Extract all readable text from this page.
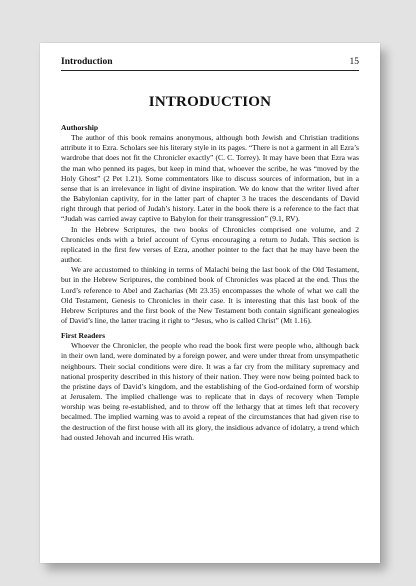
Introduction	15
INTRODUCTION

Authorship

The author of this book remains anonymous, although both Jewish and Christian traditions attribute it to Ezra. Scholars see his literary style in its pages. “There is not a garment in all Ezra’s wardrobe that does not fit the Chronicler exactly” (C. C. Torrey). It may have been that Ezra was the man who penned its pages, but keep in mind that, whoever the scribe, he was “moved by the Holy Ghost” (2 Pet 1.21). Some commentators like to discuss sources of information, but in a sense that is an irrelevance in light of divine inspiration. We do know that the writer lived after the Babylonian captivity, for in the latter part of chapter 3 he traces the descendants of David right through that period of Judah’s history. Later in the book there is a reference to the fact that “Judah was carried away captive to Babylon for their transgression” (9.1, RV).

In the Hebrew Scriptures, the two books of Chronicles comprised one volume, and 2 Chronicles ends with a brief account of Cyrus encouraging a return to Judah. This section is replicated in the first few verses of Ezra, another pointer to the fact that he may have been the author.

We are accustomed to thinking in terms of Malachi being the last book of the Old Testament, but in the Hebrew Scriptures, the combined book of Chronicles was placed at the end. Thus the Lord’s reference to Abel and Zacharias (Mt 23.35) encompasses the whole of what we call the Old Testament, Genesis to Chronicles in their case. It is interesting that this last book of the Hebrew Scriptures and the first book of the New Testament both contain significant genealogies of David’s line, the latter tracing it right to “Jesus, who is called Christ” (Mt 1.16).

First Readers

Whoever the Chronicler, the people who read the book first were people who, although back in their own land, were dominated by a foreign power, and were under threat from unsympathetic neighbours. Their social conditions were dire. It was a far cry from the military supremacy and national prosperity described in this history of their nation. They were now being pointed back to the pristine days of David’s kingdom, and the establishing of the God-ordained form of worship at Jerusalem. The implied challenge was to replicate that in days of recovery when Temple worship was being re-established, and to throw off the lethargy that at times left that recovery becalmed. The implied warning was to avoid a repeat of the circumstances that had given rise to the destruction of the first house with all its glory, the insidious advance of idolatry, a trend which had ousted Jehovah and incurred His wrath.
